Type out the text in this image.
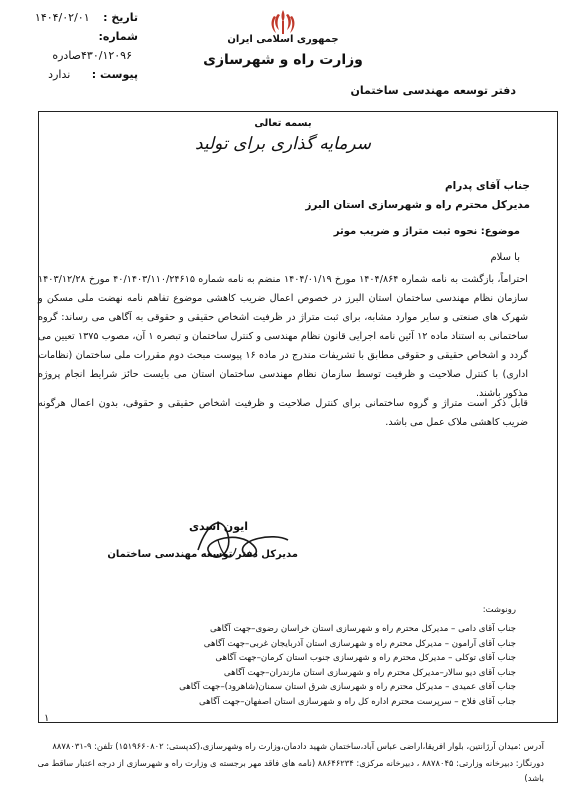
تاریخ : ۱۴۰۴/۰۲/۰۱
شماره: ۴۳۰/۱۲۰۹۶صادره
پیوست : ندارد
جمهوری اسلامی ایران
وزارت راه و شهرسازی
دفتر توسعه مهندسی ساختمان
بسمه تعالی
سرمایه گذاری برای تولید
جناب آقای پدرام
مدیرکل محترم راه و شهرسازی استان البرز
موضوع: نحوه ثبت متراژ و ضریب موثر
با سلام
احتراماً، بازگشت به نامه شماره ۱۴۰۴/۸۶۴ مورخ ۱۴۰۴/۰۱/۱۹ منضم به نامه شماره ۴۰/۱۴۰۳/۱۱۰/۲۴۶۱۵ مورخ ۱۴۰۳/۱۲/۲۸ سازمان نظام مهندسی ساختمان استان البرز در خصوص اعمال ضریب کاهشی موضوع تفاهم نامه نهضت ملی مسکن و شهرک های صنعتی و سایر موارد مشابه، برای ثبت متراژ در ظرفیت اشخاص حقیقی و حقوقی به آگاهی می رساند: گروه ساختمانی به استناد ماده ۱۲ آئین نامه اجرایی قانون نظام مهندسی و کنترل ساختمان و تبصره ۱ آن، مصوب ۱۳۷۵ تعیین می گردد و اشخاص حقیقی و حقوقی مطابق با تشریفات مندرج در ماده ۱۶ پیوست مبحث دوم مقررات ملی ساختمان (نظامات اداری) با کنترل صلاحیت و ظرفیت توسط سازمان نظام مهندسی ساختمان استان می بایست حائز شرایط انجام پروژه مذکور باشند.
قابل ذکر است متراژ و گروه ساختمانی برای کنترل صلاحیت و ظرفیت اشخاص حقیقی و حقوقی، بدون اعمال هرگونه ضریب کاهشی ملاک عمل می باشد.
ایون اسدی
مدیرکل دفتر توسعه مهندسی ساختمان
رونوشت:
جناب آقای دامی – مدیرکل محترم راه و شهرسازی استان خراسان رضوی–جهت آگاهی
جناب آقای آرامون – مدیرکل محترم راه و شهرسازی استان آذربایجان غربی–جهت آگاهی
جناب آقای توکلی – مدیرکل محترم راه و شهرسازی جنوب استان کرمان–جهت آگاهی
جناب آقای دیو سالار–مدیرکل محترم راه و شهرسازی استان مازندران–جهت آگاهی
جناب آقای عمیدی – مدیرکل محترم راه و شهرسازی شرق استان سمنان(شاهرود)–جهت آگاهی
جناب آقای فلاح – سرپرست محترم اداره کل راه و شهرسازی استان اصفهان–جهت آگاهی
۱
آدرس :میدان آرژانتین، بلوار افریقا،اراضی عباس آباد،ساختمان شهید دادمان،وزارت راه وشهرسازی،(کدپستی: ۱۵۱۹۶۶۰۸۰۲) تلفن: ۹-۸۸۷۸۰۳۱
دورنگار: دبیرخانه وزارتی: ۸۸۷۸۰۴۵ ، دبیرخانه مرکزی: ۸۸۶۴۶۲۳۴ (نامه های فاقد مهر برجسته ی وزارت راه و شهرسازی از درجه اعتبار ساقط می باشد)
